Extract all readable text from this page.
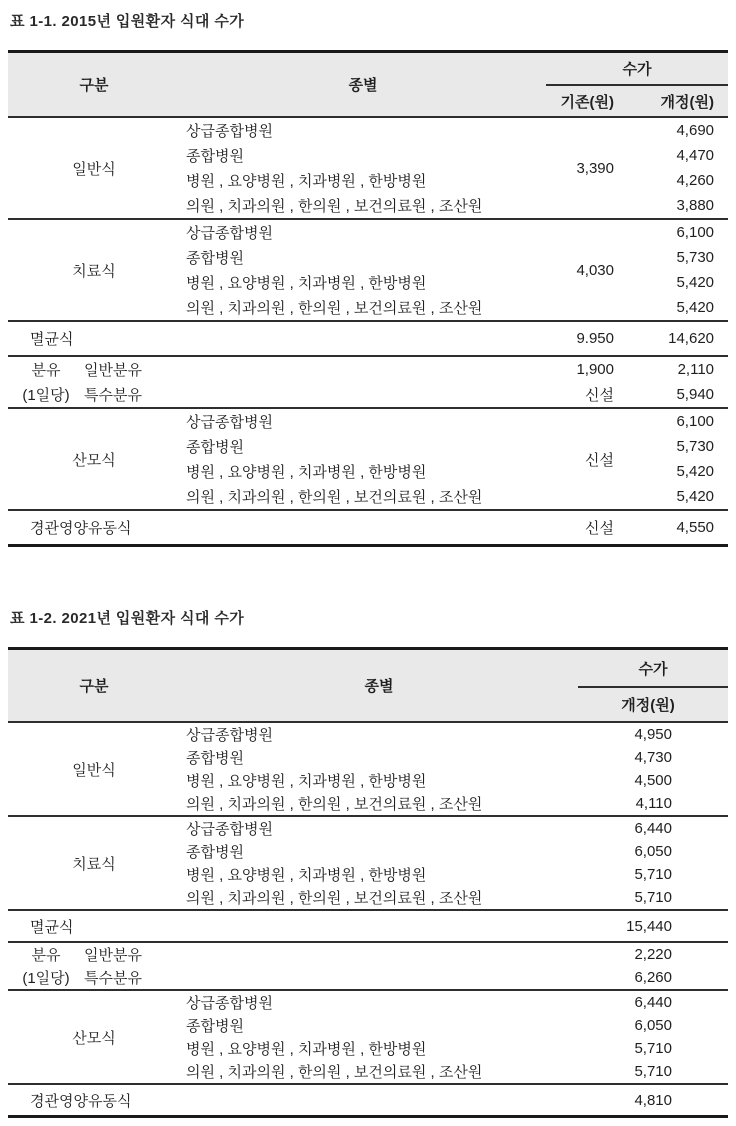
표 1-1. 2015년 입원환자 식대 수가
구분	종별	수가	
		기존(원)	개정(원)
일반식	상급종합병원	3,390	4,690
	종합병원		4,470
	병원 , 요양병원 , 치과병원 , 한방병원		4,260
	의원 , 치과의원 , 한의원 , 보건의료원 , 조산원		3,880
치료식	상급종합병원	4,030	6,100
	종합병원		5,730
	병원 , 요양병원 , 치과병원 , 한방병원		5,420
	의원 , 치과의원 , 한의원 , 보건의료원 , 조산원		5,420
멸균식		9.950	14,620

분유 일반분유		1,900	2,110

(1일당) 특수분유		신설	5,940
산모식	상급종합병원	신설	6,100
	종합병원		5,730
	병원 , 요양병원 , 치과병원 , 한방병원		5,420
	의원 , 치과의원 , 한의원 , 보건의료원 , 조산원		5,420
경관영양유동식		신설	4,550
표 1-2. 2021년 입원환자 식대 수가
구분	종별	수가
		개정(원)
일반식	상급종합병원	4,950
	종합병원	4,730
	병원 , 요양병원 , 치과병원 , 한방병원	4,500
	의원 , 치과의원 , 한의원 , 보건의료원 , 조산원	4,110
치료식	상급종합병원	6,440
	종합병원	6,050
	병원 , 요양병원 , 치과병원 , 한방병원	5,710
	의원 , 치과의원 , 한의원 , 보건의료원 , 조산원	5,710
멸균식		15,440

분유 일반분유		2,220

(1일당) 특수분유		6,260
산모식	상급종합병원	6,440
	종합병원	6,050
	병원 , 요양병원 , 치과병원 , 한방병원	5,710
	의원 , 치과의원 , 한의원 , 보건의료원 , 조산원	5,710
경관영양유동식		4,810
